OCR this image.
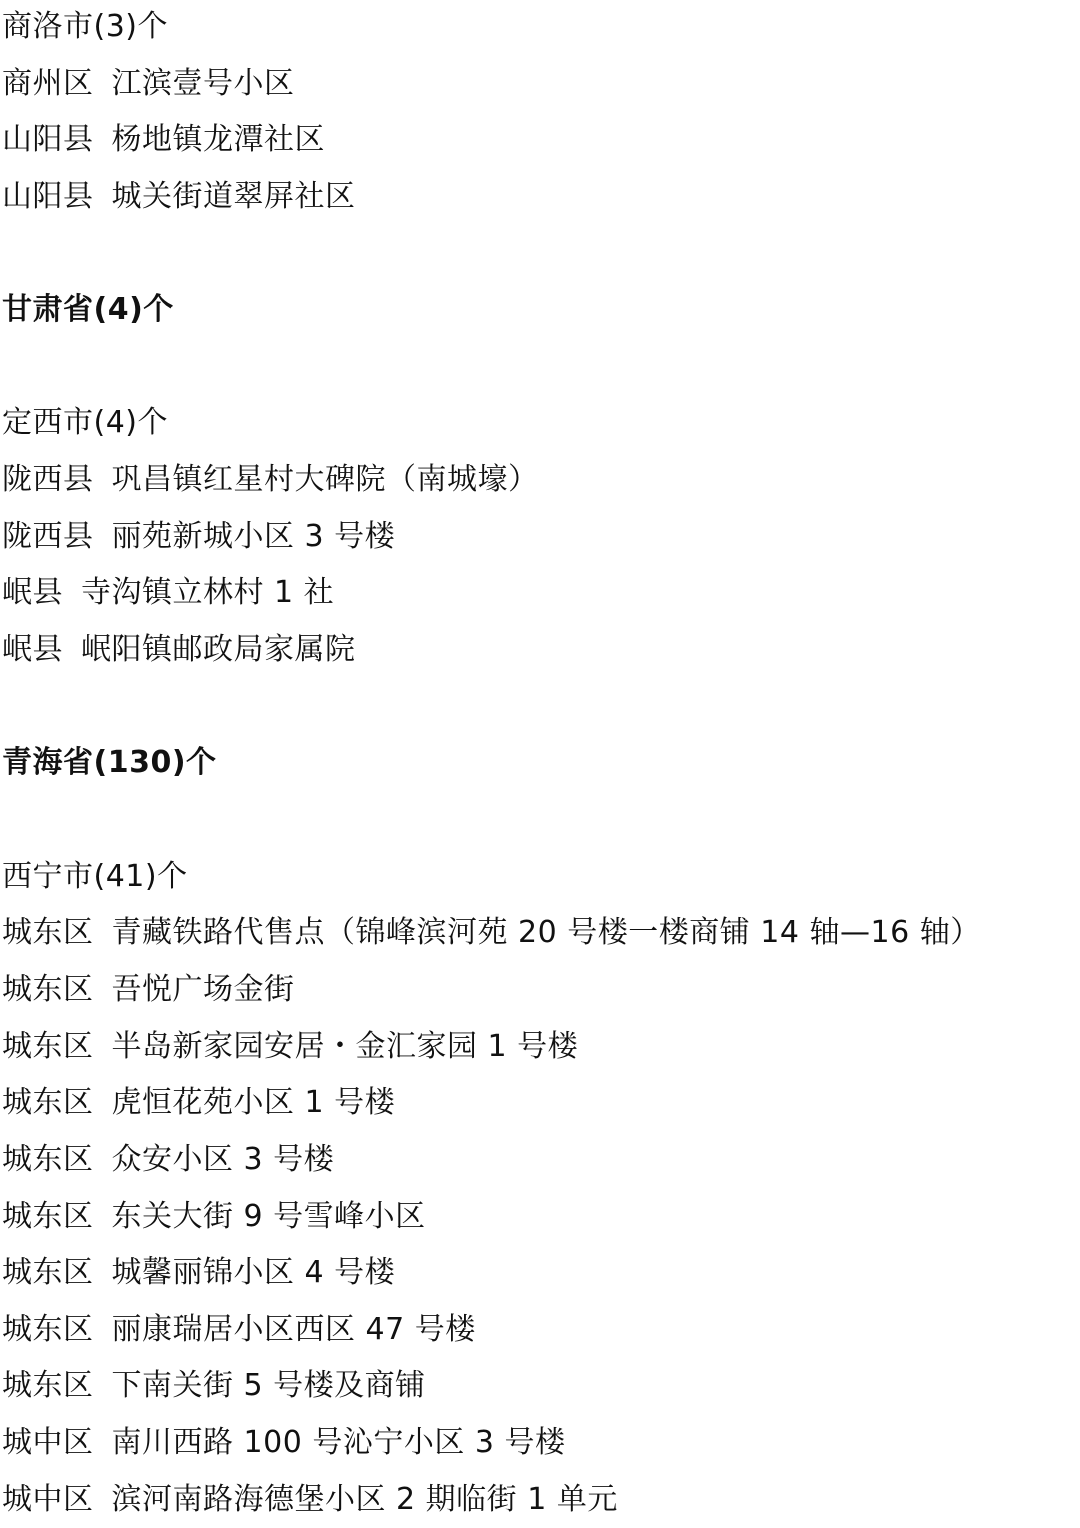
商洛市(3)个
商州区 江滨壹号小区
山阳县 杨地镇龙潭社区
山阳县 城关街道翠屏社区
甘肃省(4)个
定西市(4)个
陇西县 巩昌镇红星村大碑院（南城壕）
陇西县 丽苑新城小区 3 号楼
岷县 寺沟镇立林村 1 社
岷县 岷阳镇邮政局家属院
青海省(130)个
西宁市(41)个
城东区 青藏铁路代售点（锦峰滨河苑 20 号楼一楼商铺 14 轴—16 轴）
城东区 吾悦广场金街
城东区 半岛新家园安居・金汇家园 1 号楼
城东区 虎恒花苑小区 1 号楼
城东区 众安小区 3 号楼
城东区 东关大街 9 号雪峰小区
城东区 城馨丽锦小区 4 号楼
城东区 丽康瑞居小区西区 47 号楼
城东区 下南关街 5 号楼及商铺
城中区 南川西路 100 号沁宁小区 3 号楼
城中区 滨河南路海德堡小区 2 期临街 1 单元
